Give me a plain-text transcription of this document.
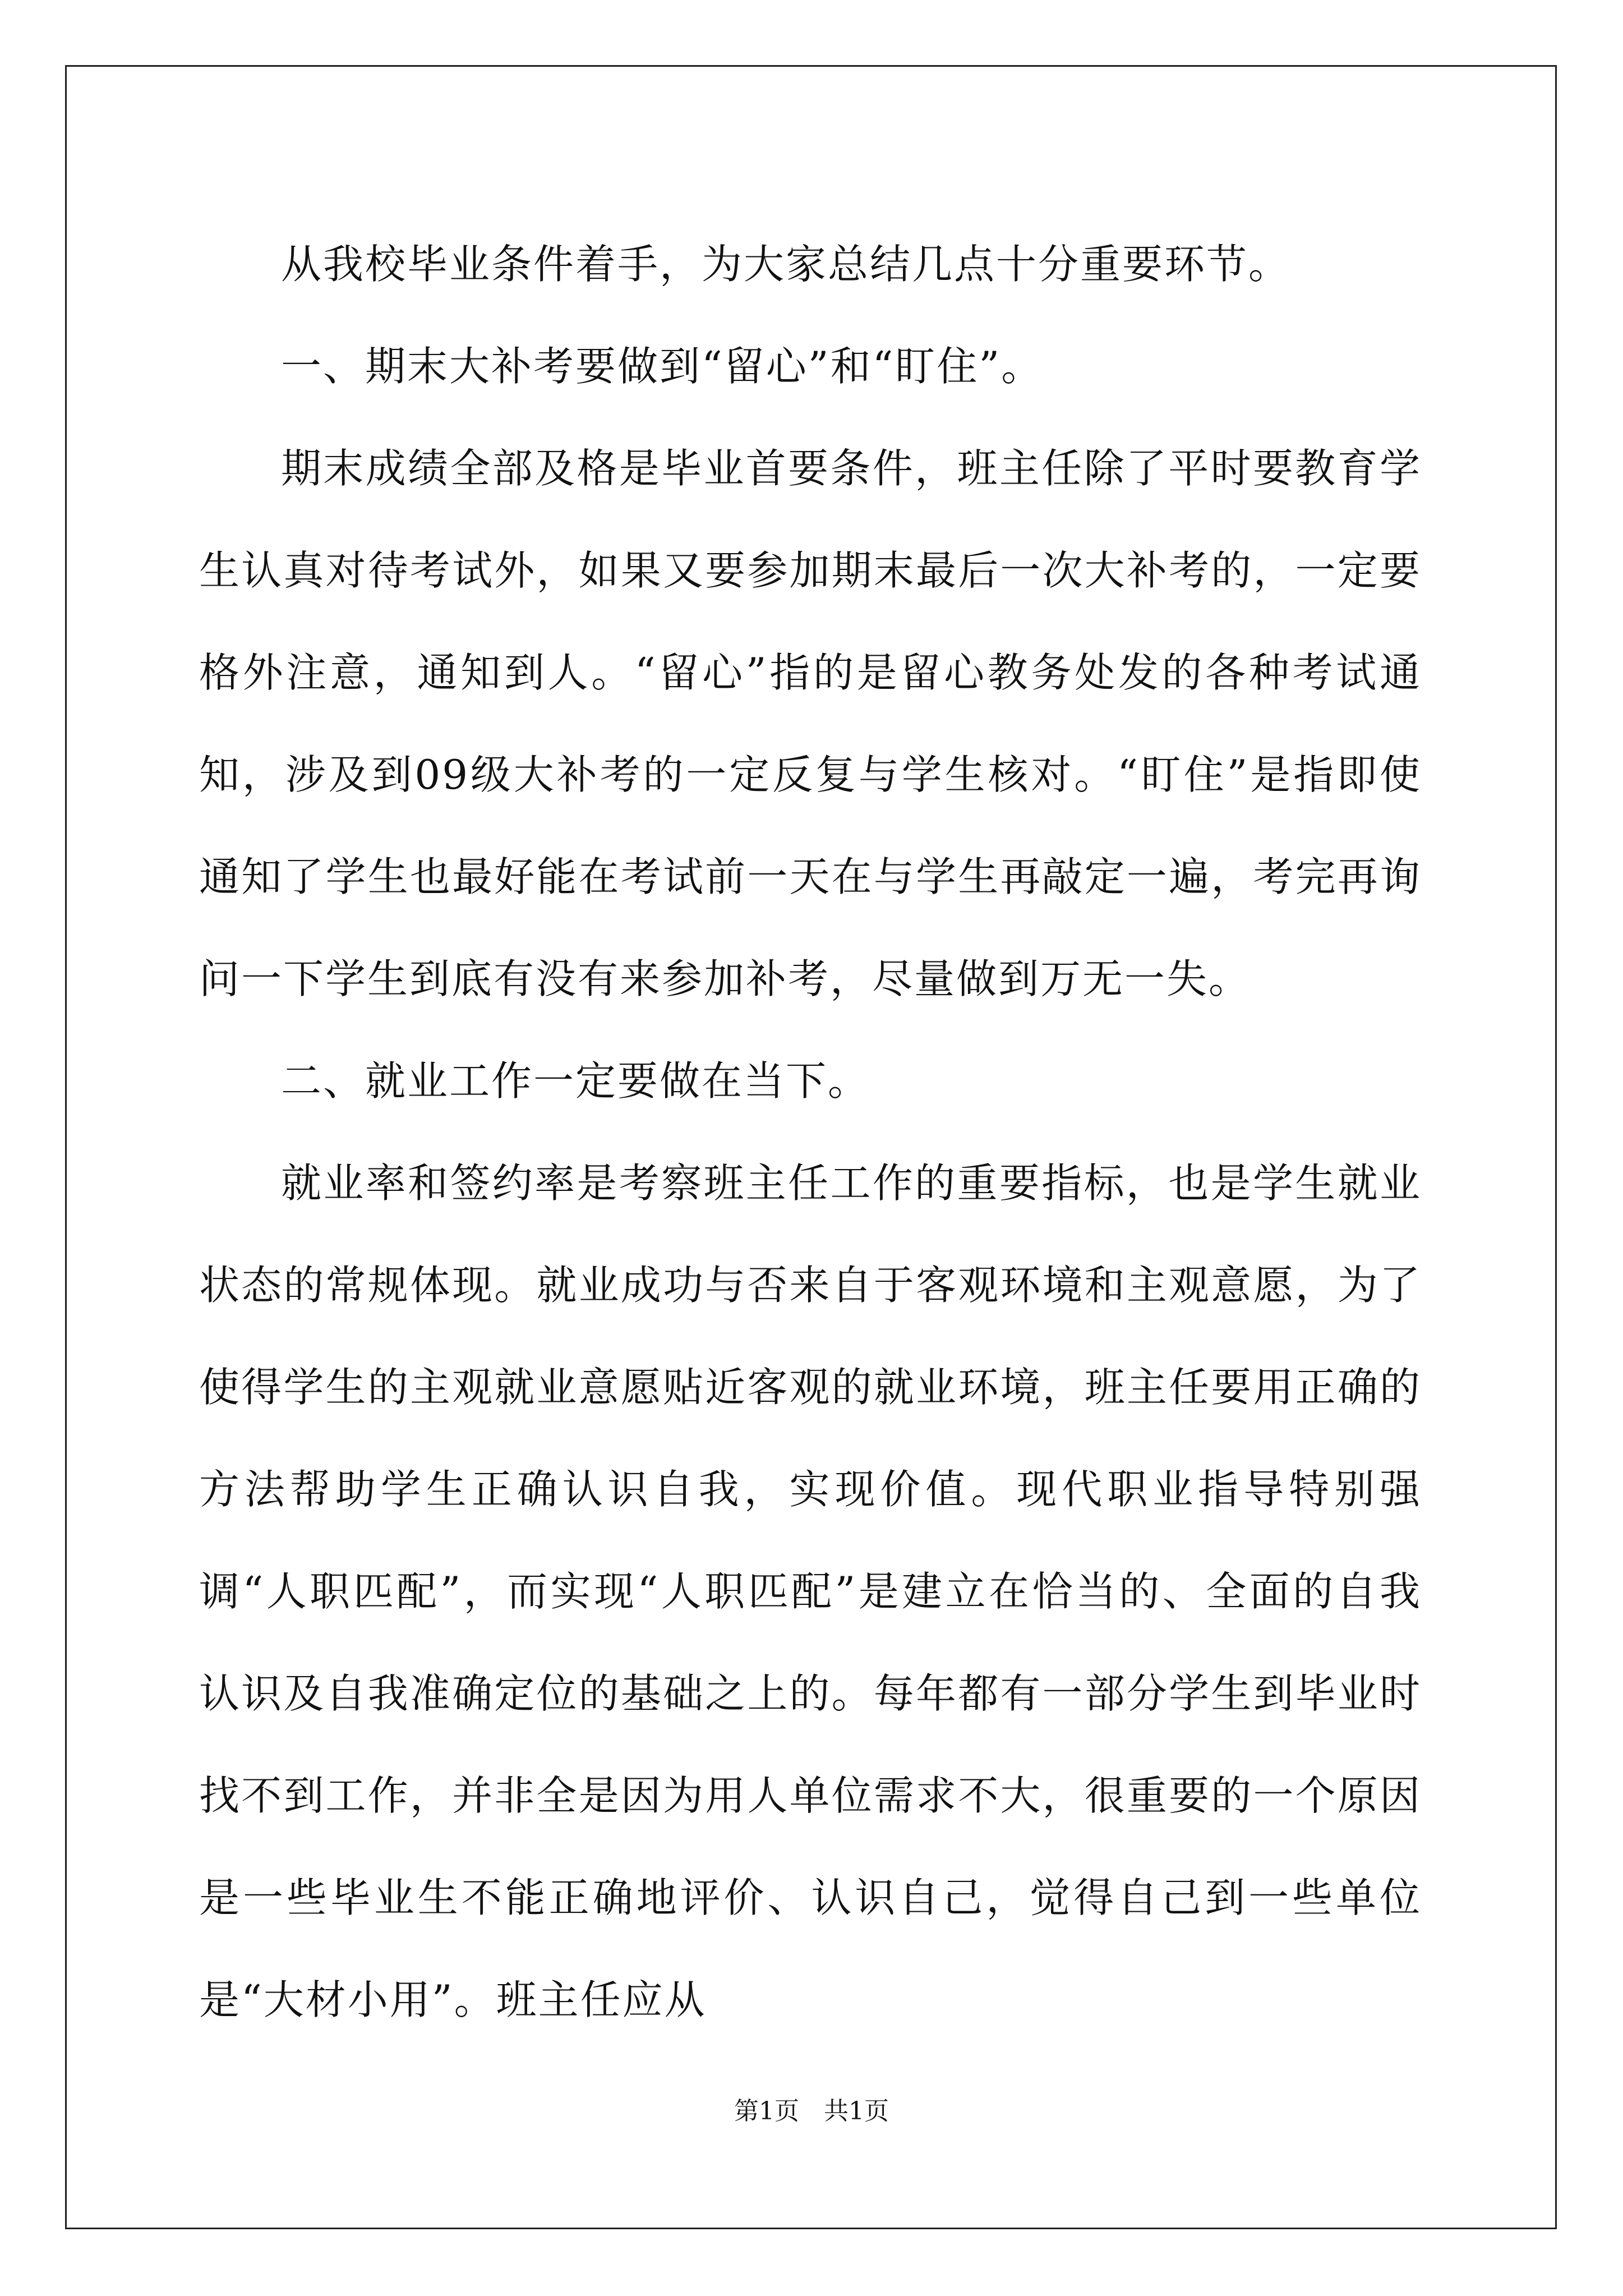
从我校毕业条件着手，为大家总结几点十分重要环节。

一、期末大补考要做到“留心”和“盯住”。

期末成绩全部及格是毕业首要条件，班主任除了平时要教育学生认真对待考试外，如果又要参加期末最后一次大补考的，一定要格外注意，通知到人。“留心”指的是留心教务处发的各种考试通知，涉及到09级大补考的一定反复与学生核对。“盯住”是指即使通知了学生也最好能在考试前一天在与学生再敲定一遍，考完再询问一下学生到底有没有来参加补考，尽量做到万无一失。

二、就业工作一定要做在当下。

就业率和签约率是考察班主任工作的重要指标，也是学生就业状态的常规体现。就业成功与否来自于客观环境和主观意愿，为了使得学生的主观就业意愿贴近客观的就业环境，班主任要用正确的方法帮助学生正确认识自我，实现价值。现代职业指导特别强调“人职匹配”，而实现“人职匹配”是建立在恰当的、全面的自我认识及自我准确定位的基础之上的。每年都有一部分学生到毕业时找不到工作，并非全是因为用人单位需求不大，很重要的一个原因是一些毕业生不能正确地评价、认识自己，觉得自己到一些单位是“大材小用”。班主任应从

第1页　共1页
